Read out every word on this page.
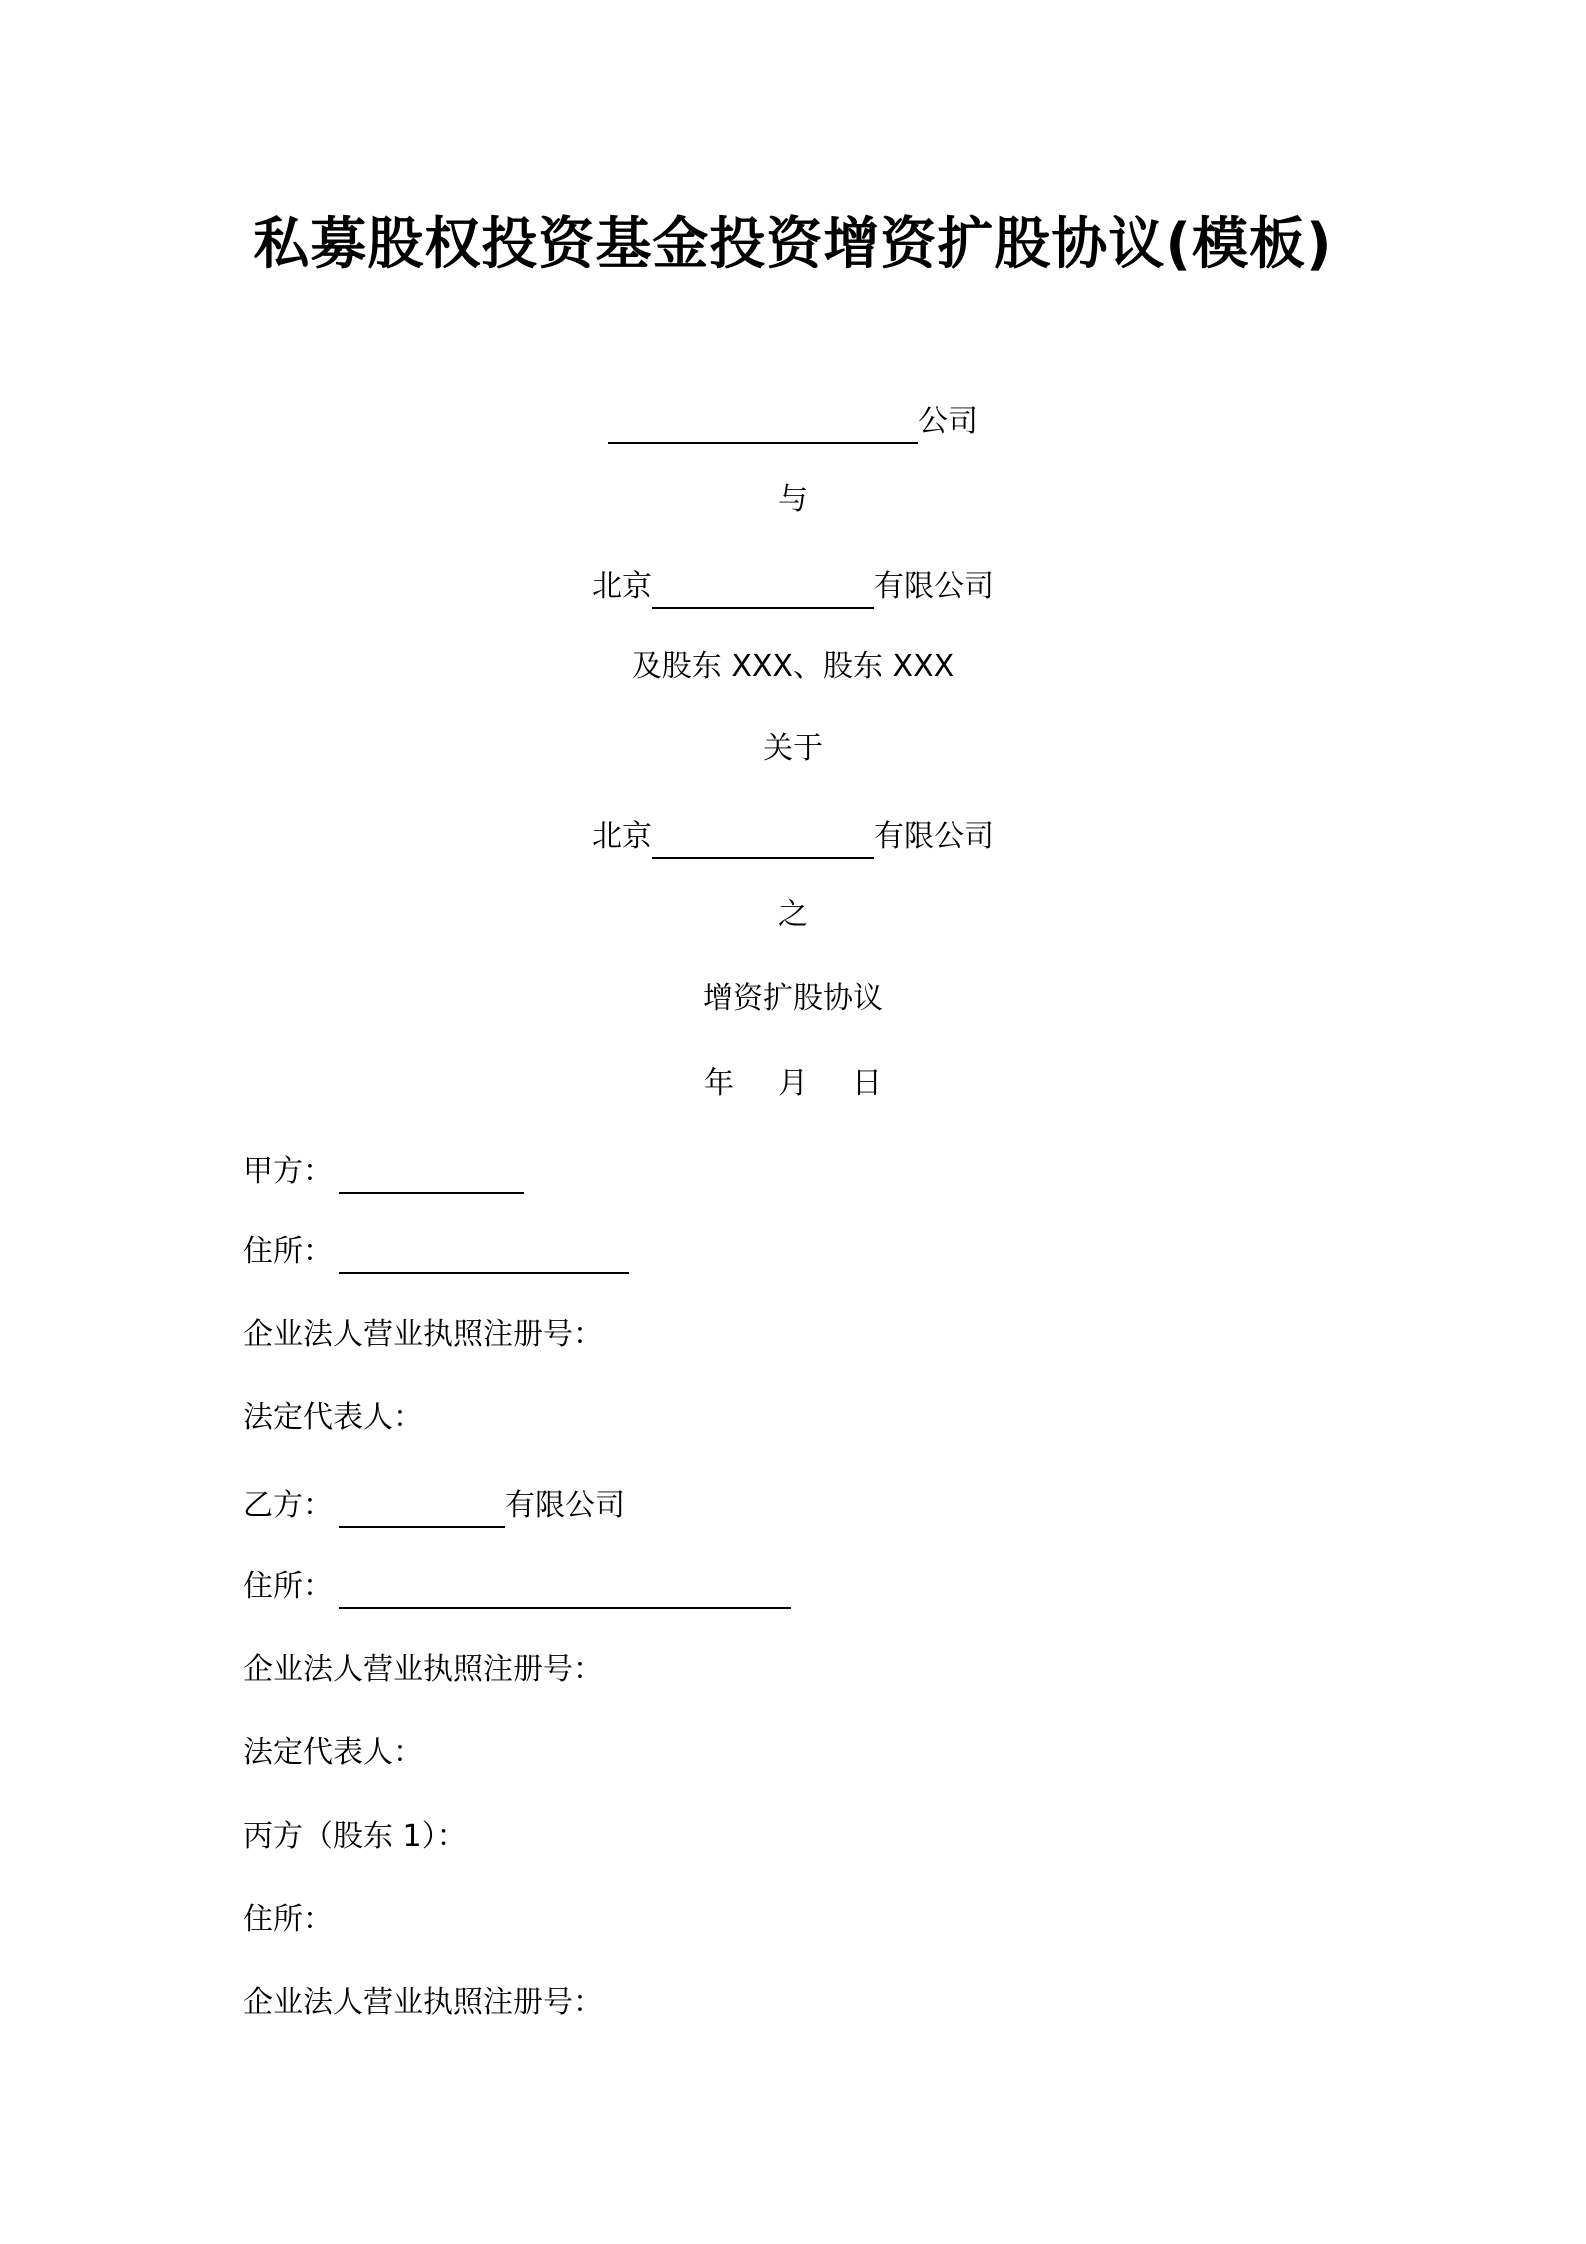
私募股权投资基金投资增资扩股协议(模板)
公司
与
北京	有限公司
及股东 XXX、股东 XXX
关于
北京	有限公司
之
增资扩股协议
年 月 日
甲方：
住所：
企业法人营业执照注册号：
法定代表人：
乙方：	有限公司
住所：
企业法人营业执照注册号：
法定代表人：
丙方（股东 1）：
住所：
企业法人营业执照注册号：
